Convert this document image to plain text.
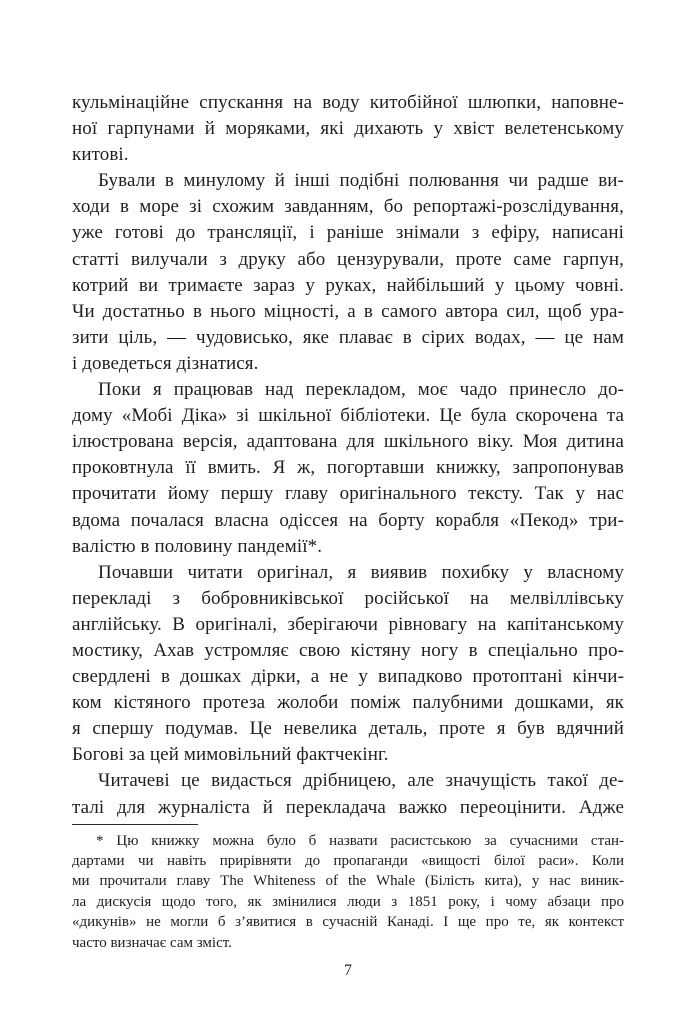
кульмінаційне спускання на воду китобійної шлюпки, наповне-
ної гарпунами й моряками, які дихають у хвіст велетенському
китові.
Бували в минулому й інші подібні полювання чи радше ви-
ходи в море зі схожим завданням, бо репортажі-розслідування,
уже готові до трансляції, і раніше знімали з ефіру, написані
статті вилучали з друку або цензурували, проте саме гарпун,
котрий ви тримаєте зараз у руках, найбільший у цьому човні.
Чи достатньо в нього міцності, а в самого автора сил, щоб ура-
зити ціль, — чудовисько, яке плаває в сірих водах, — це нам
і доведеться дізнатися.
Поки я працював над перекладом, моє чадо принесло до-
дому «Мобі Діка» зі шкільної бібліотеки. Це була скорочена та
ілюстрована версія, адаптована для шкільного віку. Моя дитина
проковтнула її вмить. Я ж, погортавши книжку, запропонував
прочитати йому першу главу оригінального тексту. Так у нас
вдома почалася власна одіссея на борту корабля «Пекод» три-
валістю в половину пандемії*.
Почавши читати оригінал, я виявив похибку у власному
перекладі з бобровниківської російської на мелвіллівську
англійську. В оригіналі, зберігаючи рівновагу на капітанському
мостику, Ахав устромляє свою кістяну ногу в спеціально про-
свердлені в дошках дірки, а не у випадково протоптані кінчи-
ком кістяного протеза жолоби поміж палубними дошками, як
я спершу подумав. Це невелика деталь, проте я був вдячний
Богові за цей мимовільний фактчекінг.
Читачеві це видасться дрібницею, але значущість такої де-
талі для журналіста й перекладача важко переоцінити. Адже
* Цю книжку можна було б назвати расистською за сучасними стан-
дартами чи навіть прирівняти до пропаганди «вищості білої раси». Коли
ми прочитали главу The Whiteness of the Whale (Білість кита), у нас виник-
ла дискусія щодо того, як змінилися люди з 1851 року, і чому абзаци про
«дикунів» не могли б з’явитися в сучасній Канаді. І ще про те, як контекст
часто визначає сам зміст.
7
